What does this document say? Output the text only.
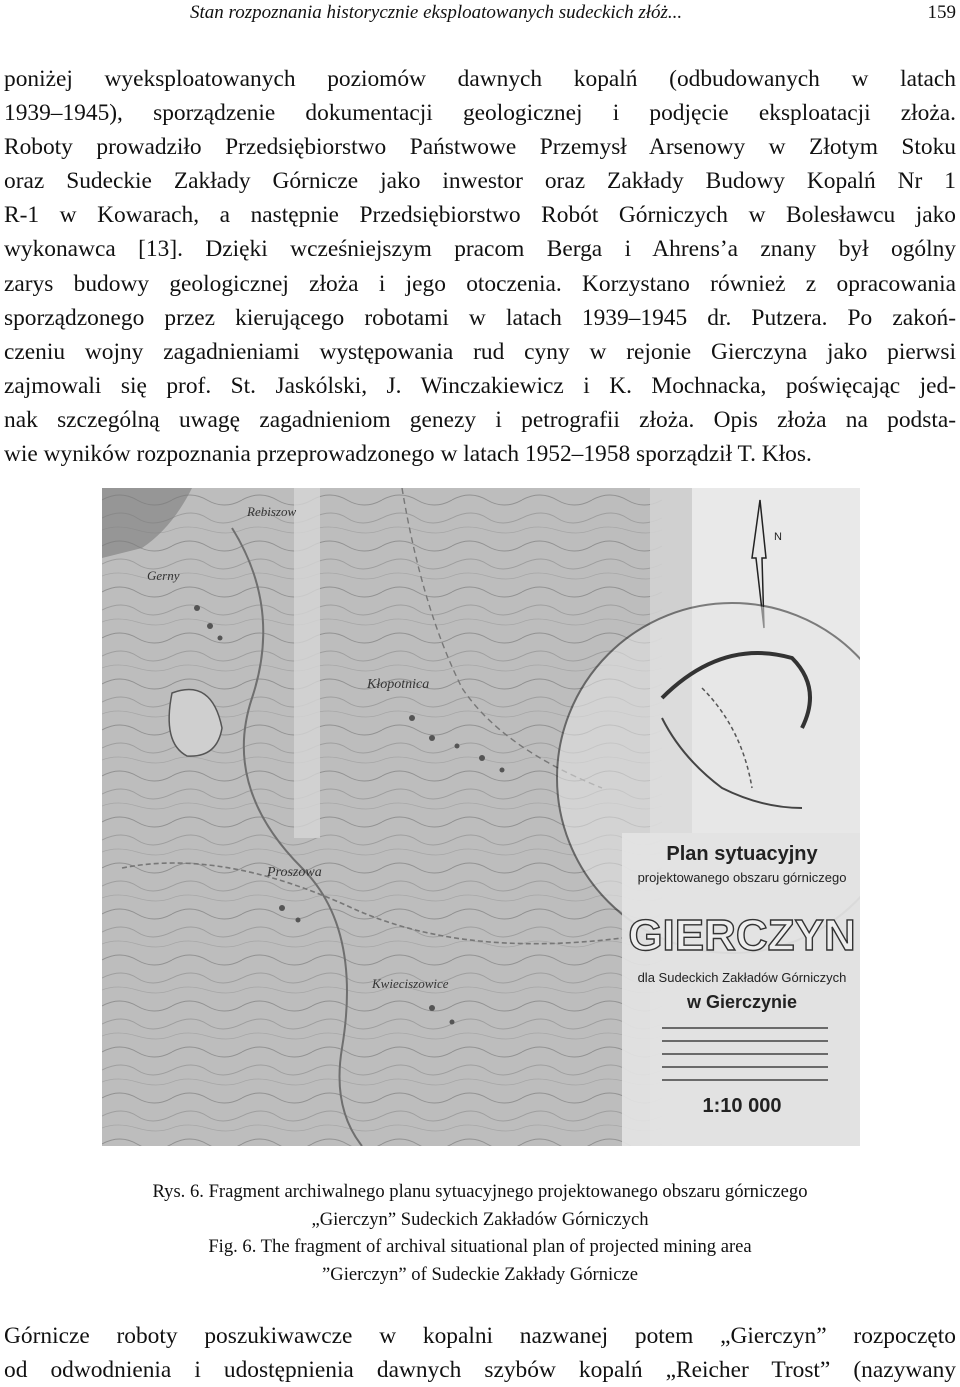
Stan rozpoznania historycznie eksploatowanych sudeckich złóż...	159
poniżej wyeksploatowanych poziomów dawnych kopalń (odbudowanych w latach
1939–1945), sporządzenie dokumentacji geologicznej i podjęcie eksploatacji złoża.
Roboty prowadziło Przedsiębiorstwo Państwowe Przemysł Arsenowy w Złotym Stoku
oraz Sudeckie Zakłady Górnicze jako inwestor oraz Zakłady Budowy Kopalń Nr 1
R-1 w Kowarach, a następnie Przedsiębiorstwo Robót Górniczych w Bolesławcu jako
wykonawca [13]. Dzięki wcześniejszym pracom Berga i Ahrens’a znany był ogólny
zarys budowy geologicznej złoża i jego otoczenia. Korzystano również z opracowania
sporządzonego przez kierującego robotami w latach 1939–1945 dr. Putzera. Po zakoń-
czeniu wojny zagadnieniami występowania rud cyny w rejonie Gierczyna jako pierwsi
zajmowali się prof. St. Jaskólski, J. Winczakiewicz i K. Mochnacka, poświęcając jed-
nak szczególną uwagę zagadnieniom genezy i petrografii złoża. Opis złoża na podsta-
wie wyników rozpoznania przeprowadzonego w latach 1952–1958 sporządził T. Kłos.
Rebiszow
Gerny
Kłopotnica
Proszowa
Kwieciszowice
N
Plan sytuacyjny
projektowanego obszaru górniczego
GIERCZYN
dla Sudeckich Zakładów Górniczych
w Gierczynie
1:10 000
Rys. 6. Fragment archiwalnego planu sytuacyjnego projektowanego obszaru górniczego
„Gierczyn” Sudeckich Zakładów Górniczych
Fig. 6. The fragment of archival situational plan of projected mining area
”Gierczyn” of Sudeckie Zakłady Górnicze
Górnicze roboty poszukiwawcze w kopalni nazwanej potem „Gierczyn” rozpoczęto
od odwodnienia i udostępnienia dawnych szybów kopalń „Reicher Trost” (nazywany
